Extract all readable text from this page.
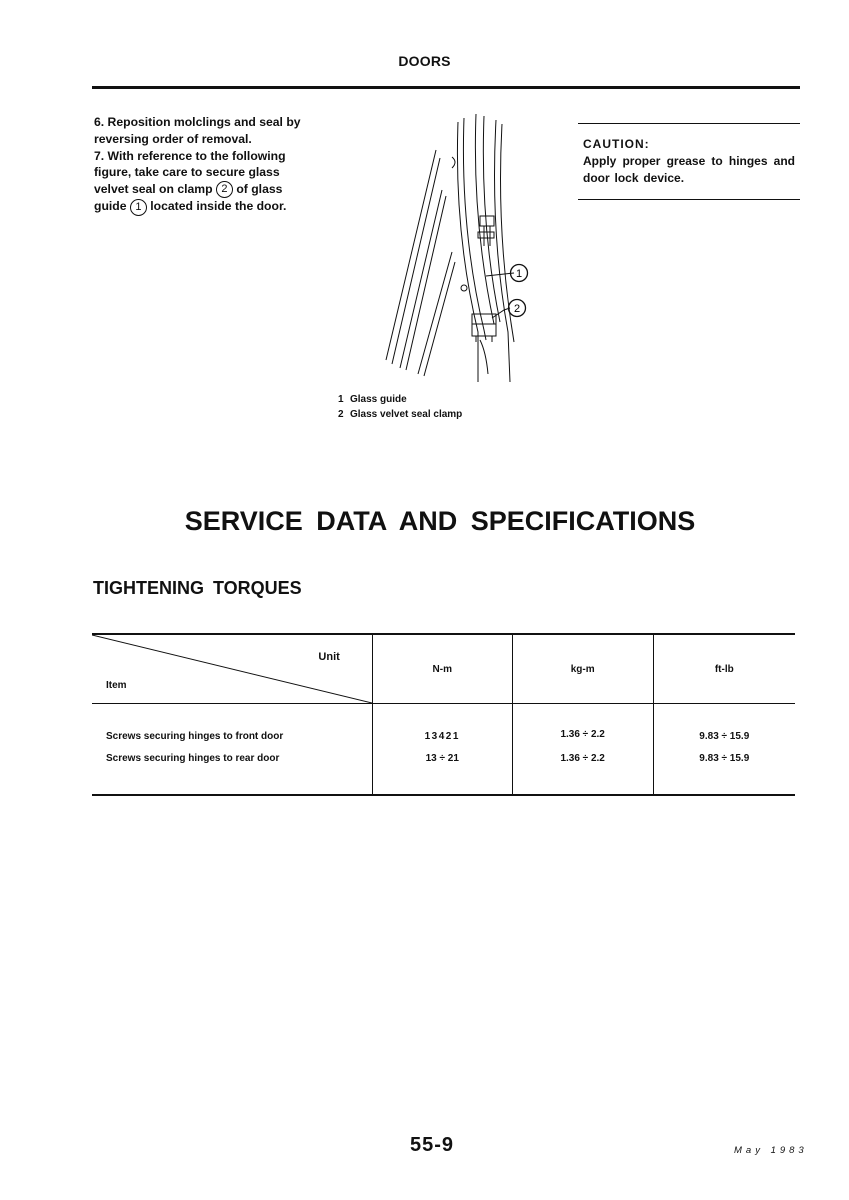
DOORS

6. Reposition molclings and seal by reversing order of removal.

7. With reference to the following figure, take care to secure glass velvet seal on clamp 2 of glass guide 1 located inside the door.

1
2
1 Glass guide
2 Glass velvet seal clamp
CAUTION:
Apply proper grease to hinges and door lock device.
SERVICE DATA AND SPECIFICATIONS
TIGHTENING TORQUES
Unit
Item	N-m	kg-m	ft-lb
Screws securing hinges to front door	13421	1.36 ÷ 2.2	9.83 ÷ 15.9
Screws securing hinges to rear door	13 ÷ 21	1.36 ÷ 2.2	9.83 ÷ 15.9
55-9	May 1983
